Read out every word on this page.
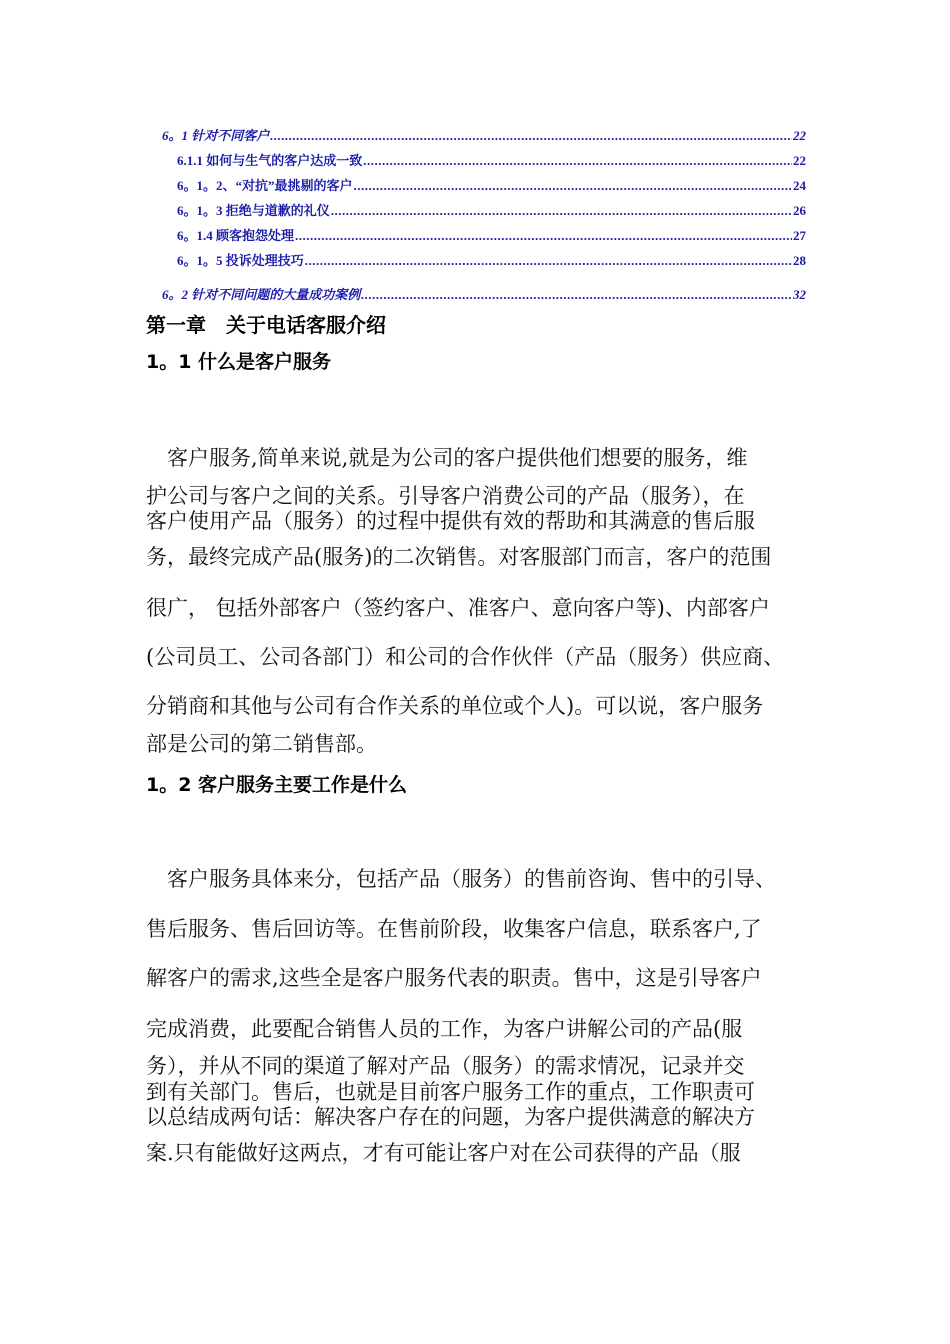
6。1 针对不同客户 .....	22
6.1.1 如何与生气的客户达成一致 .....	22
6。1。2、“对抗”最挑剔的客户 .....	24
6。1。3 拒绝与道歉的礼仪 .....	26
6。1.4 顾客抱怨处理 .....	27
6。1。5 投诉处理技巧 .....	28
6。2 针对不同问题的大量成功案例 .....	32
第一章　关于电话客服介绍
1。1 什么是客户服务
　客户服务,简单来说,就是为公司的客户提供他们想要的服务，维
护公司与客户之间的关系。引导客户消费公司的产品（服务），在
客户使用产品（服务）的过程中提供有效的帮助和其满意的售后服
务，最终完成产品(服务)的二次销售。对客服部门而言，客户的范围
很广， 包括外部客户（签约客户、准客户、意向客户等)、内部客户
(公司员工、公司各部门）和公司的合作伙伴（产品（服务）供应商、
分销商和其他与公司有合作关系的单位或个人)。可以说，客户服务
部是公司的第二销售部。
1。2 客户服务主要工作是什么
　客户服务具体来分，包括产品（服务）的售前咨询、售中的引导、
售后服务、售后回访等。在售前阶段，收集客户信息，联系客户,了
解客户的需求,这些全是客户服务代表的职责。售中，这是引导客户
完成消费，此要配合销售人员的工作，为客户讲解公司的产品(服
务），并从不同的渠道了解对产品（服务）的需求情况，记录并交
到有关部门。售后，也就是目前客户服务工作的重点，工作职责可
以总结成两句话：解决客户存在的问题，为客户提供满意的解决方
案.只有能做好这两点，才有可能让客户对在公司获得的产品（服
